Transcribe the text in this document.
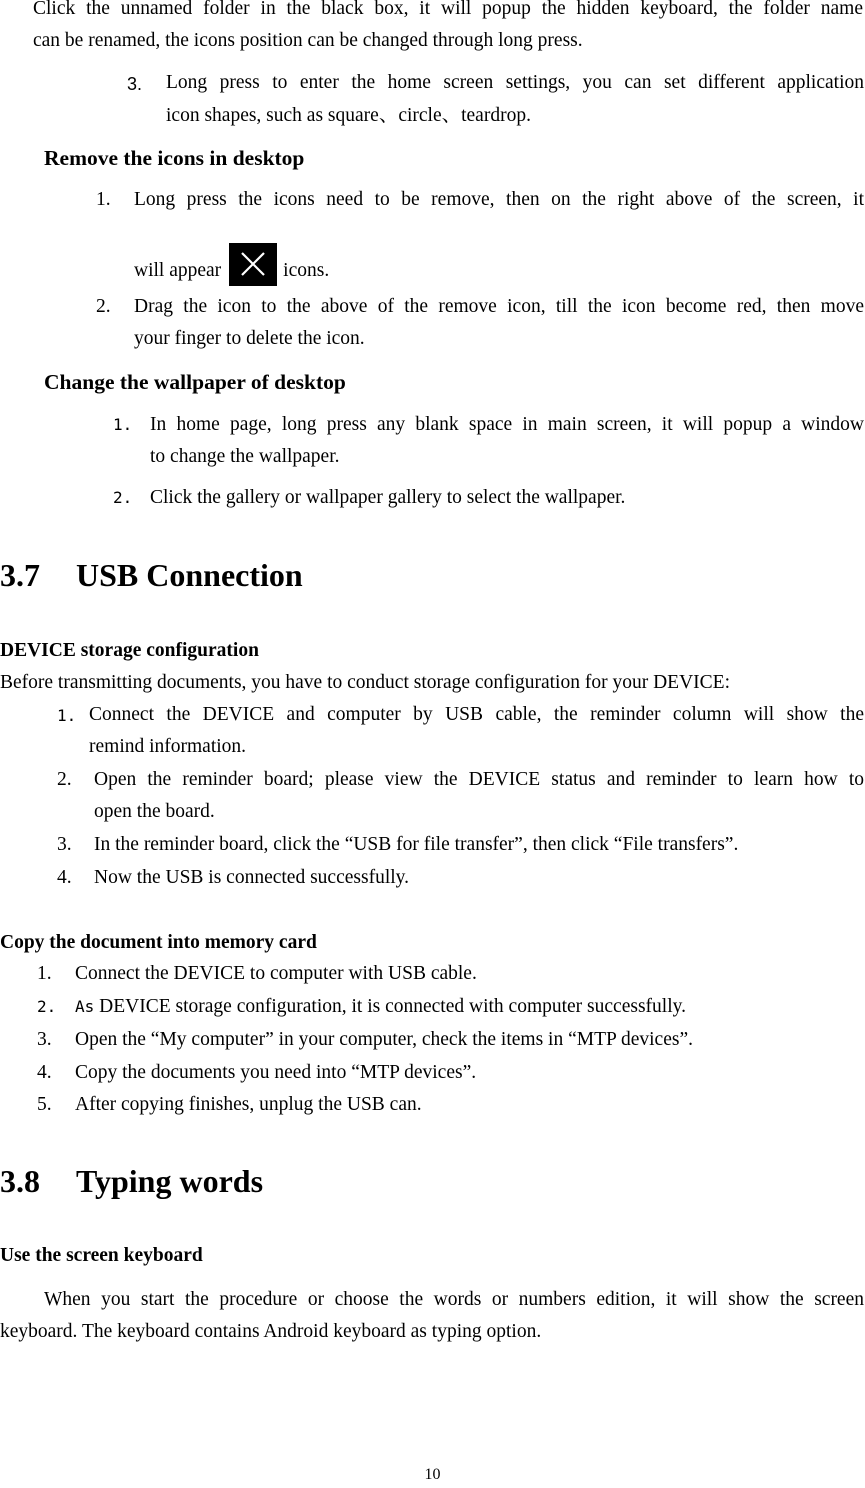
Click the unnamed folder in the black box, it will popup the hidden keyboard, the folder name
can be renamed, the icons position can be changed through long press.
3. Long press to enter the home screen settings, you can set different application
icon shapes, such as square、circle、teardrop.
Remove the icons in desktop
1. Long press the icons need to be remove, then on the right above of the screen, it
will appear	icons.
2. Drag the icon to the above of the remove icon, till the icon become red, then move
your finger to delete the icon.
Change the wallpaper of desktop
1. In home page, long press any blank space in main screen, it will popup a window
to change the wallpaper.
2. Click the gallery or wallpaper gallery to select the wallpaper.
3.7 USB Connection
DEVICE storage configuration
Before transmitting documents, you have to conduct storage configuration for your DEVICE:
1. Connect the DEVICE and computer by USB cable, the reminder column will show the
remind information.
2. Open the reminder board; please view the DEVICE status and reminder to learn how to
open the board.
3. In the reminder board, click the “USB for file transfer”, then click “File transfers”.
4. Now the USB is connected successfully.
Copy the document into memory card
1. Connect the DEVICE to computer with USB cable.
2. As DEVICE storage configuration, it is connected with computer successfully.
3. Open the “My computer” in your computer, check the items in “MTP devices”.
4. Copy the documents you need into “MTP devices”.
5. After copying finishes, unplug the USB can.
3.8 Typing words
Use the screen keyboard
When you start the procedure or choose the words or numbers edition, it will show the screen
keyboard. The keyboard contains Android keyboard as typing option.
10
